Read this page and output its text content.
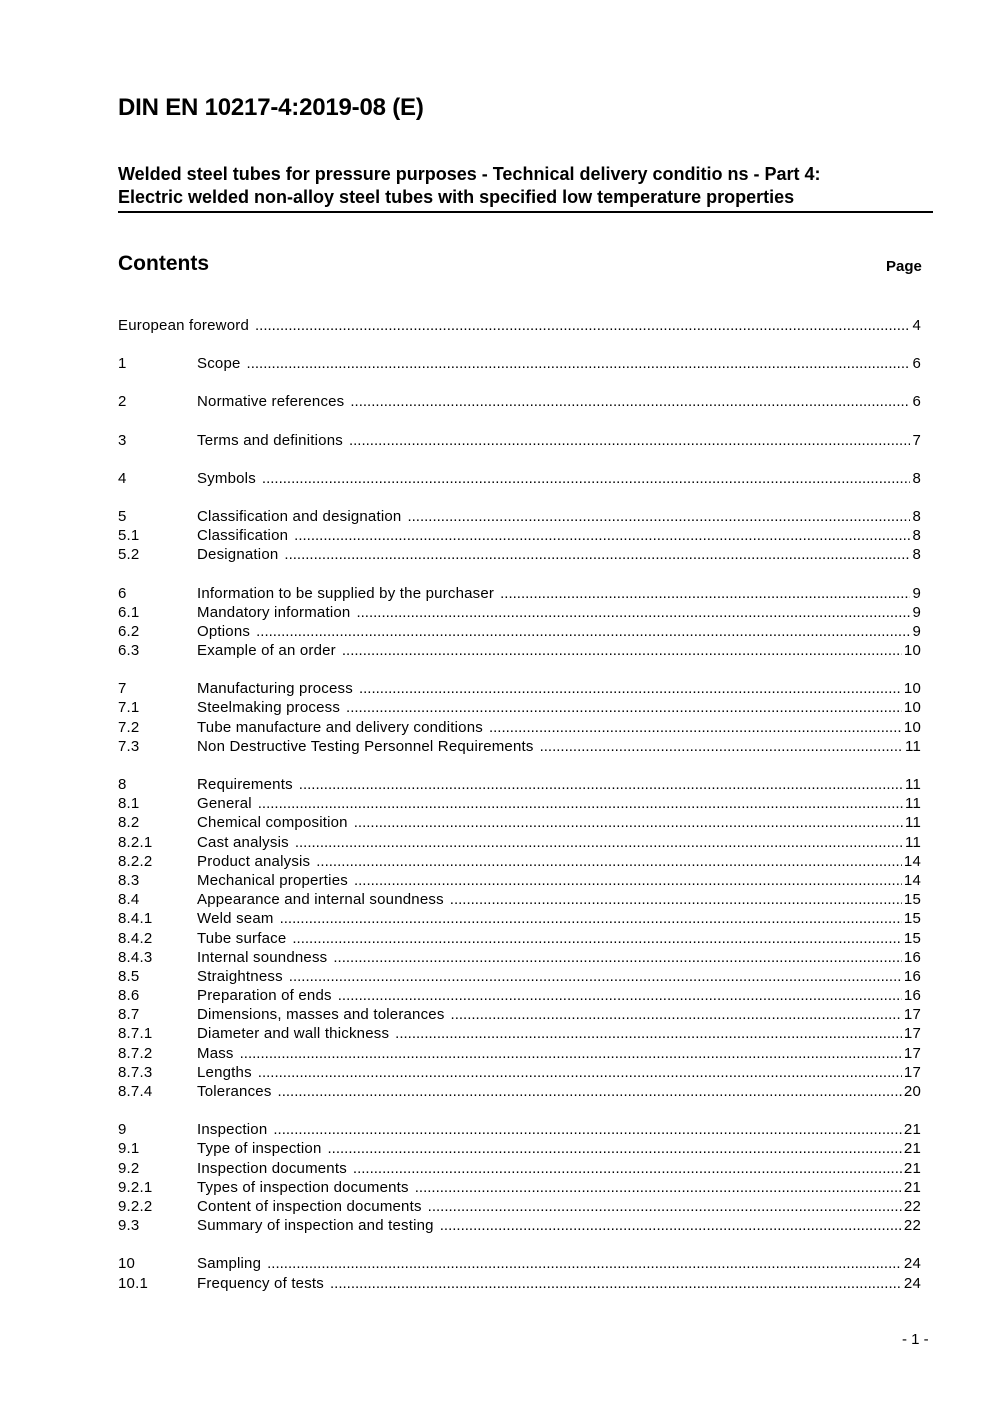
DIN EN 10217-4:2019-08 (E)
Welded steel tubes for pressure purposes - Technical delivery conditio ns - Part 4:
Electric welded non-alloy steel tubes with specified low temperature properties
Contents	Page
European foreword .....	4
1	Scope .....	6
2	Normative references .....	6
3	Terms and definitions .....	7
4	Symbols .....	8
5	Classification and designation .....	8
5.1	Classification .....	8
5.2	Designation .....	8
6	Information to be supplied by the purchaser .....	9
6.1	Mandatory information .....	9
6.2	Options .....	9
6.3	Example of an order .....	10
7	Manufacturing process .....	10
7.1	Steelmaking process .....	10
7.2	Tube manufacture and delivery conditions .....	10
7.3	Non Destructive Testing Personnel Requirements .....	11
8	Requirements .....	11
8.1	General .....	11
8.2	Chemical composition .....	11
8.2.1	Cast analysis .....	11
8.2.2	Product analysis .....	14
8.3	Mechanical properties .....	14
8.4	Appearance and internal soundness .....	15
8.4.1	Weld seam .....	15
8.4.2	Tube surface .....	15
8.4.3	Internal soundness .....	16
8.5	Straightness .....	16
8.6	Preparation of ends .....	16
8.7	Dimensions, masses and tolerances .....	17
8.7.1	Diameter and wall thickness .....	17
8.7.2	Mass .....	17
8.7.3	Lengths .....	17
8.7.4	Tolerances .....	20
9	Inspection .....	21
9.1	Type of inspection .....	21
9.2	Inspection documents .....	21
9.2.1	Types of inspection documents .....	21
9.2.2	Content of inspection documents .....	22
9.3	Summary of inspection and testing .....	22
10	Sampling .....	24
10.1	Frequency of tests .....	24
- 1 -
